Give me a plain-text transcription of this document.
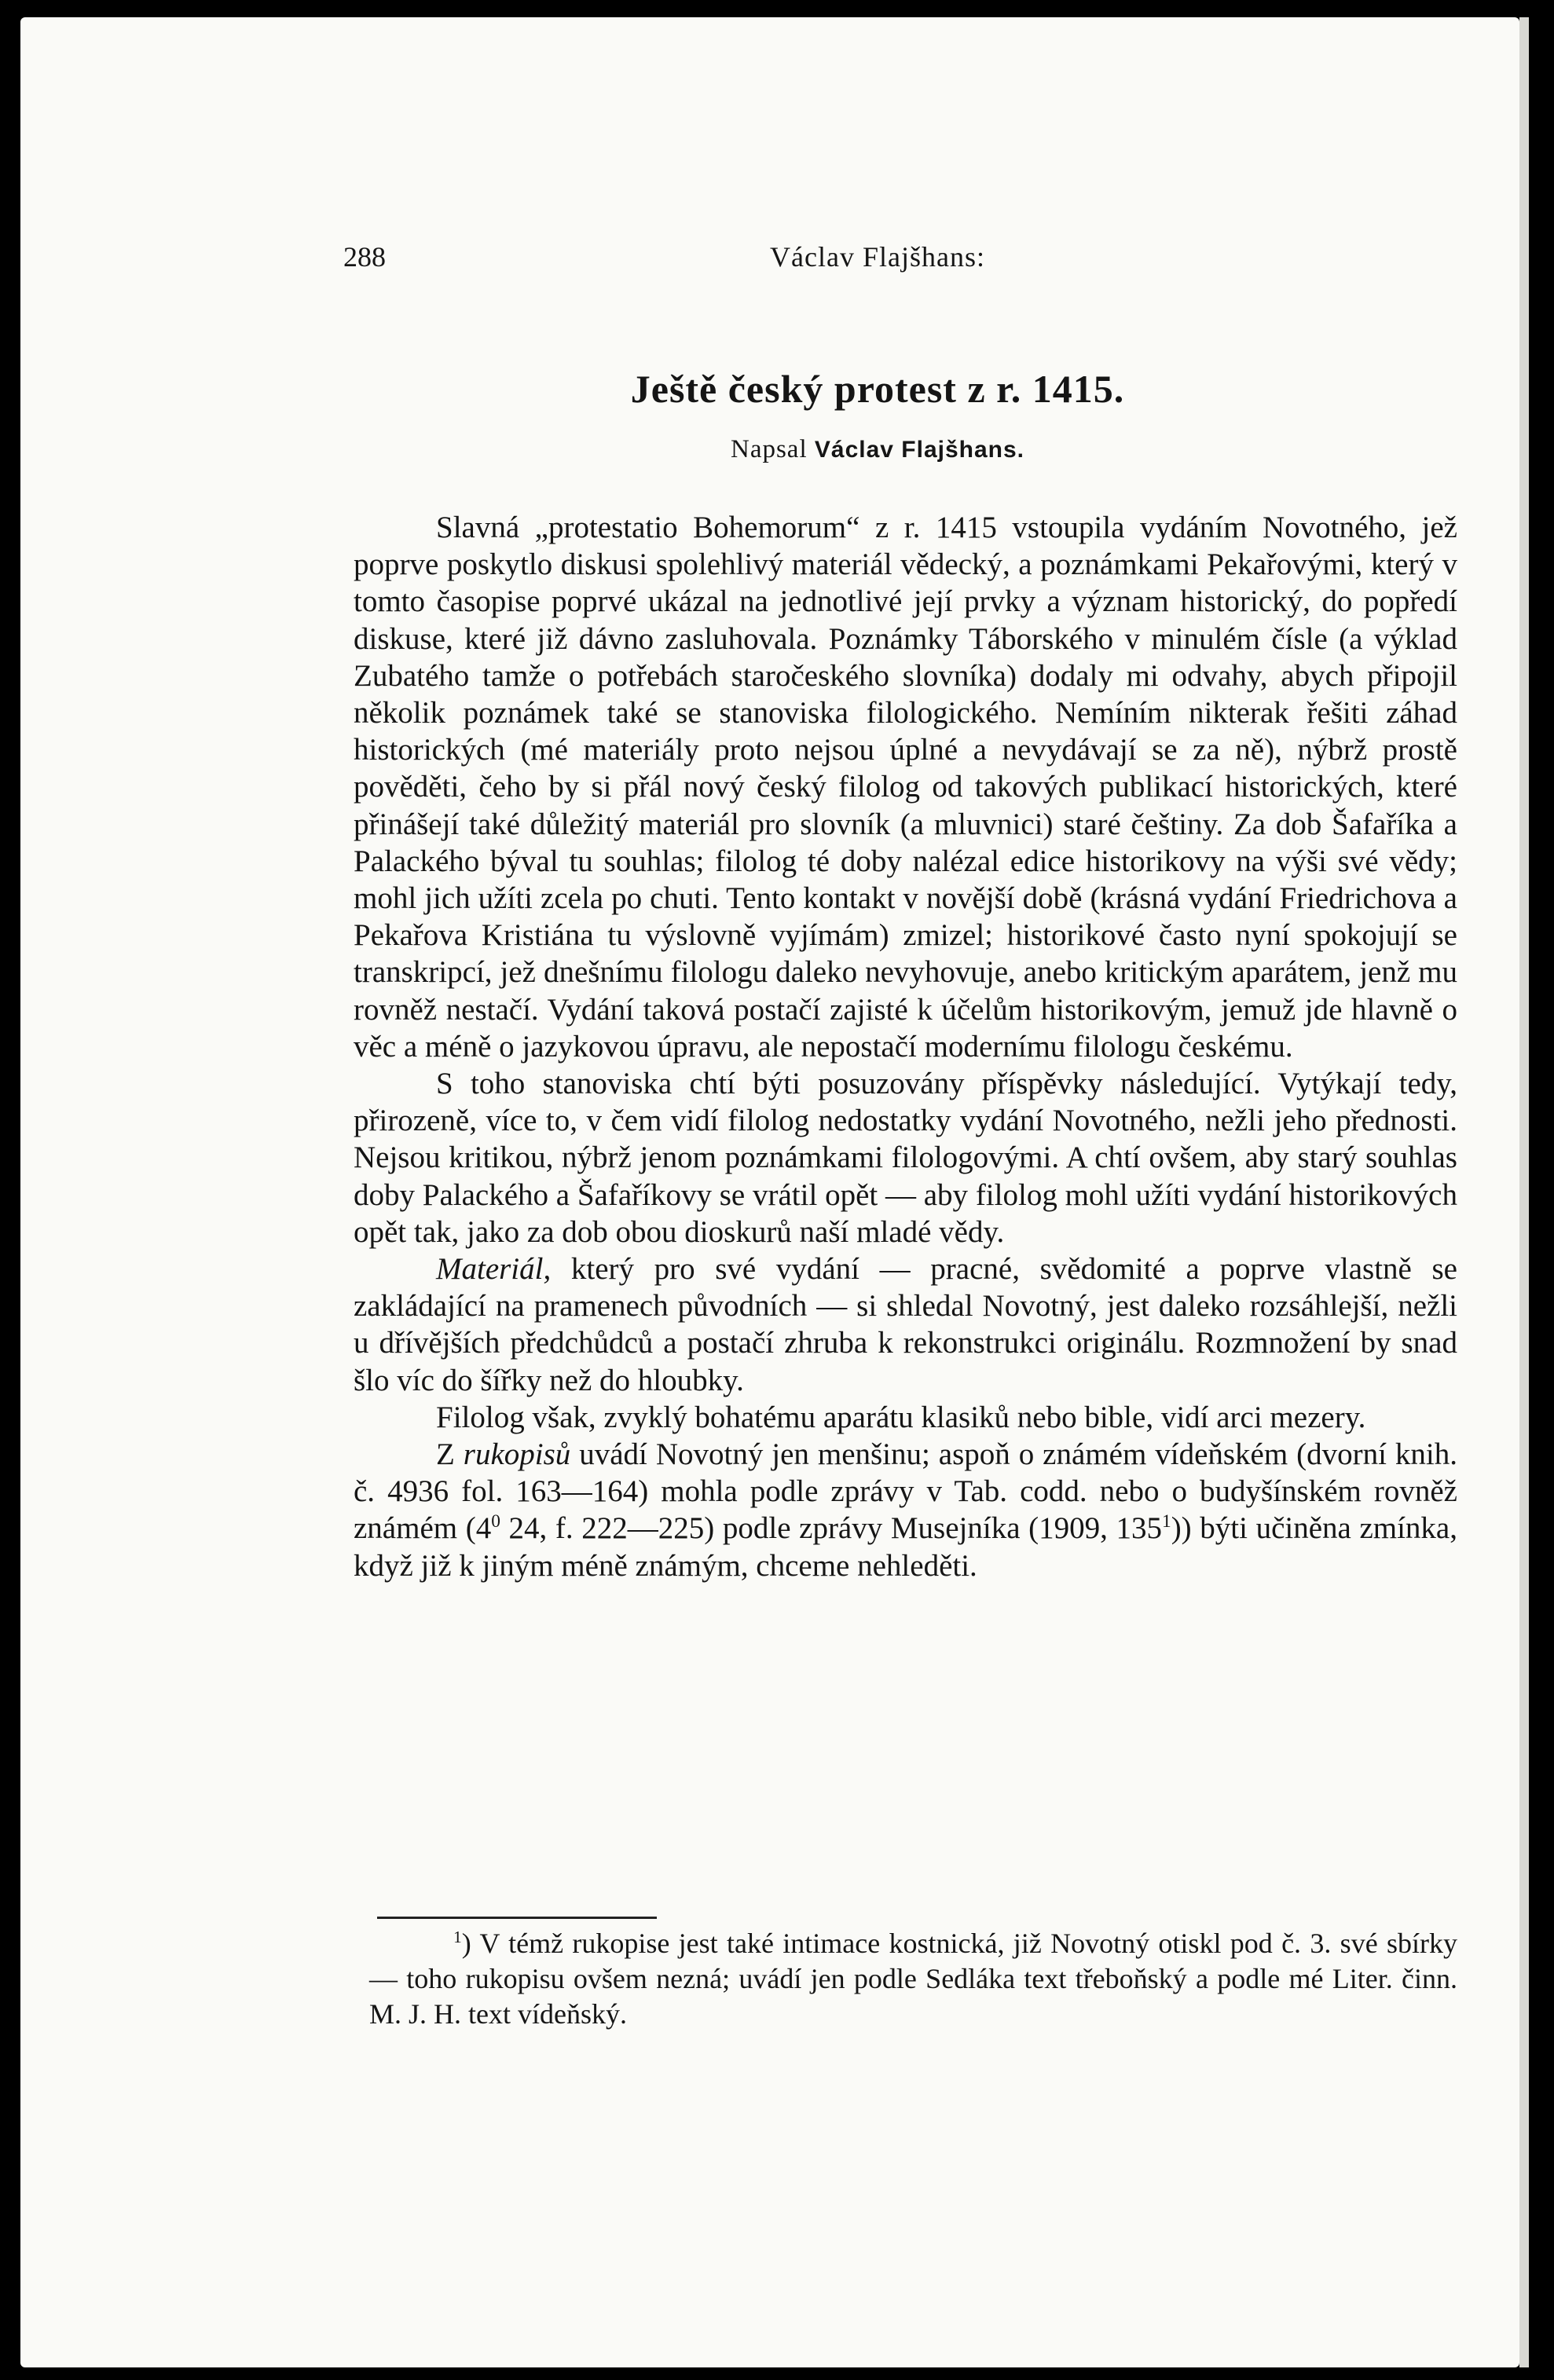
288	Václav Flajšhans:
Ještě český protest z r. 1415.
Napsal Václav Flajšhans.

Slavná „protestatio Bohemorum“ z r. 1415 vstoupila vydáním Novotného, jež poprve poskytlo diskusi spolehlivý materiál vědecký, a poznámkami Pekařovými, který v tomto časopise poprvé ukázal na jednotlivé její prvky a význam historický, do popředí diskuse, které již dávno zasluhovala. Poznámky Táborského v minulém čísle (a výklad Zubatého tamže o potřebách staročeského slovníka) dodaly mi odvahy, abych připojil několik poznámek také se stanoviska filologického. Nemíním nikterak řešiti záhad historických (mé materiály proto nejsou úplné a nevydávají se za ně), nýbrž prostě pověděti, čeho by si přál nový český filolog od takových publikací historických, které přinášejí také důležitý materiál pro slovník (a mluvnici) staré češtiny. Za dob Šafaříka a Palackého býval tu souhlas; filolog té doby nalézal edice historikovy na výši své vědy; mohl jich užíti zcela po chuti. Tento kontakt v novější době (krásná vydání Friedrichova a Pekařova Kristiána tu výslovně vyjímám) zmizel; historikové často nyní spokojují se transkripcí, jež dnešnímu filologu daleko nevyhovuje, anebo kritickým aparátem, jenž mu rovněž nestačí. Vydání taková postačí zajisté k účelům historikovým, jemuž jde hlavně o věc a méně o jazykovou úpravu, ale nepostačí modernímu filologu českému.

S toho stanoviska chtí býti posuzovány příspěvky následující. Vytýkají tedy, přirozeně, více to, v čem vidí filolog nedostatky vydání Novotného, nežli jeho přednosti. Nejsou kritikou, nýbrž jenom poznámkami filologovými. A chtí ovšem, aby starý souhlas doby Palackého a Šafaříkovy se vrátil opět — aby filolog mohl užíti vydání historikových opět tak, jako za dob obou dioskurů naší mladé vědy.

Materiál, který pro své vydání — pracné, svědomité a poprve vlastně se zakládající na pramenech původních — si shledal Novotný, jest daleko rozsáhlejší, nežli u dřívějších předchůdců a postačí zhruba k rekonstrukci originálu. Rozmnožení by snad šlo víc do šířky než do hloubky.

Filolog však, zvyklý bohatému aparátu klasiků nebo bible, vidí arci mezery.

Z rukopisů uvádí Novotný jen menšinu; aspoň o známém vídeňském (dvorní knih. č. 4936 fol. 163—164) mohla podle zprávy v Tab. codd. nebo o budyšínském rovněž známém ($4^0$ 24, f. 222—225) podle zprávy Musejníka (1909, $135^1$)) býti učiněna zmínka, když již k jiným méně známým, chceme nehleděti.

$^1$) V témž rukopise jest také intimace kostnická, již Novotný otiskl pod č. 3. své sbírky — toho rukopisu ovšem nezná; uvádí jen podle Sedláka text třeboňský a podle mé Liter. činn. M. J. H. text vídeňský.
